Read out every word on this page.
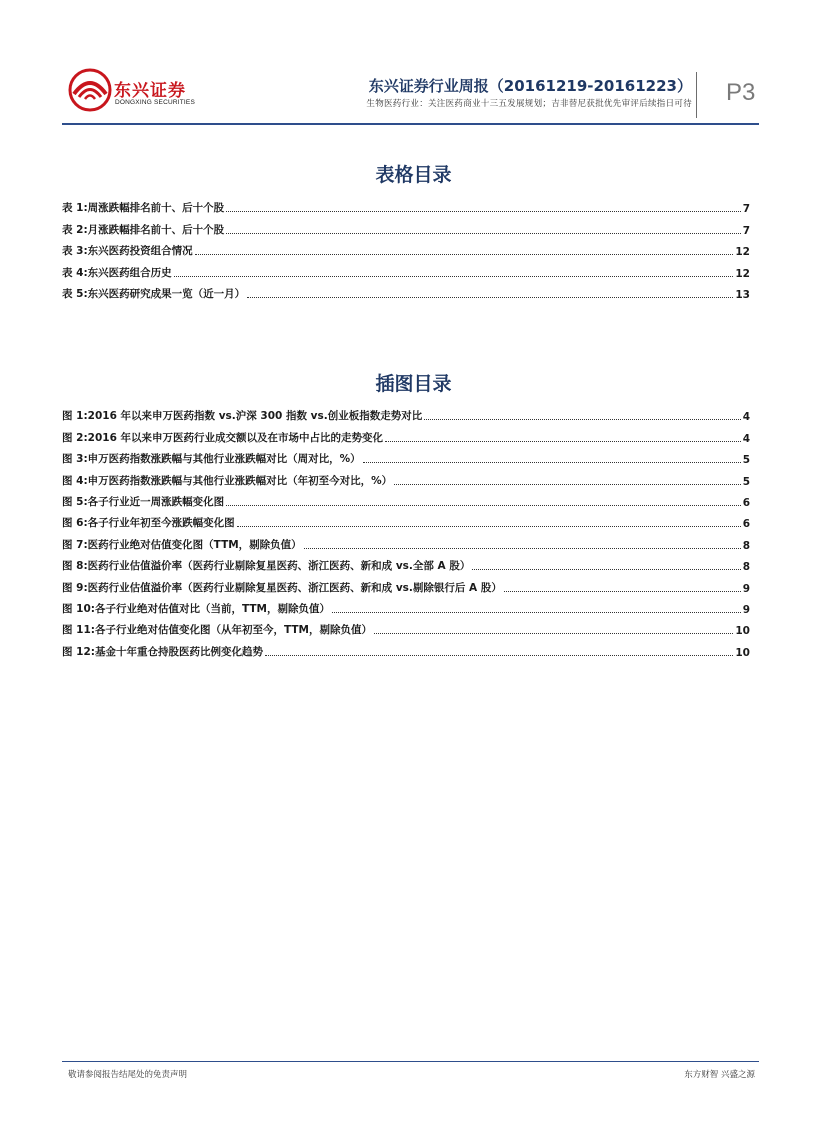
东兴证券
DONGXING SECURITIES
东兴证券行业周报（20161219-20161223）
生物医药行业：关注医药商业十三五发展规划；吉非替尼获批优先审评后续指日可待 P3
表格目录
表 1:周涨跌幅排名前十、后十个股	7
表 2:月涨跌幅排名前十、后十个股	7
表 3:东兴医药投资组合情况	12
表 4:东兴医药组合历史	12
表 5:东兴医药研究成果一览（近一月）	13
插图目录
图 1:2016 年以来申万医药指数 vs.沪深 300 指数 vs.创业板指数走势对比	4
图 2:2016 年以来申万医药行业成交额以及在市场中占比的走势变化	4
图 3:申万医药指数涨跌幅与其他行业涨跌幅对比（周对比，%）	5
图 4:申万医药指数涨跌幅与其他行业涨跌幅对比（年初至今对比，%）	5
图 5:各子行业近一周涨跌幅变化图	6
图 6:各子行业年初至今涨跌幅变化图	6
图 7:医药行业绝对估值变化图（TTM，剔除负值）	8
图 8:医药行业估值溢价率（医药行业剔除复星医药、浙江医药、新和成 vs.全部 A 股）	8
图 9:医药行业估值溢价率（医药行业剔除复星医药、浙江医药、新和成 vs.剔除银行后 A 股）	9
图 10:各子行业绝对估值对比（当前，TTM，剔除负值）	9
图 11:各子行业绝对估值变化图（从年初至今，TTM，剔除负值）	10
图 12:基金十年重仓持股医药比例变化趋势	10
敬请参阅报告结尾处的免责声明	东方财智 兴盛之源
